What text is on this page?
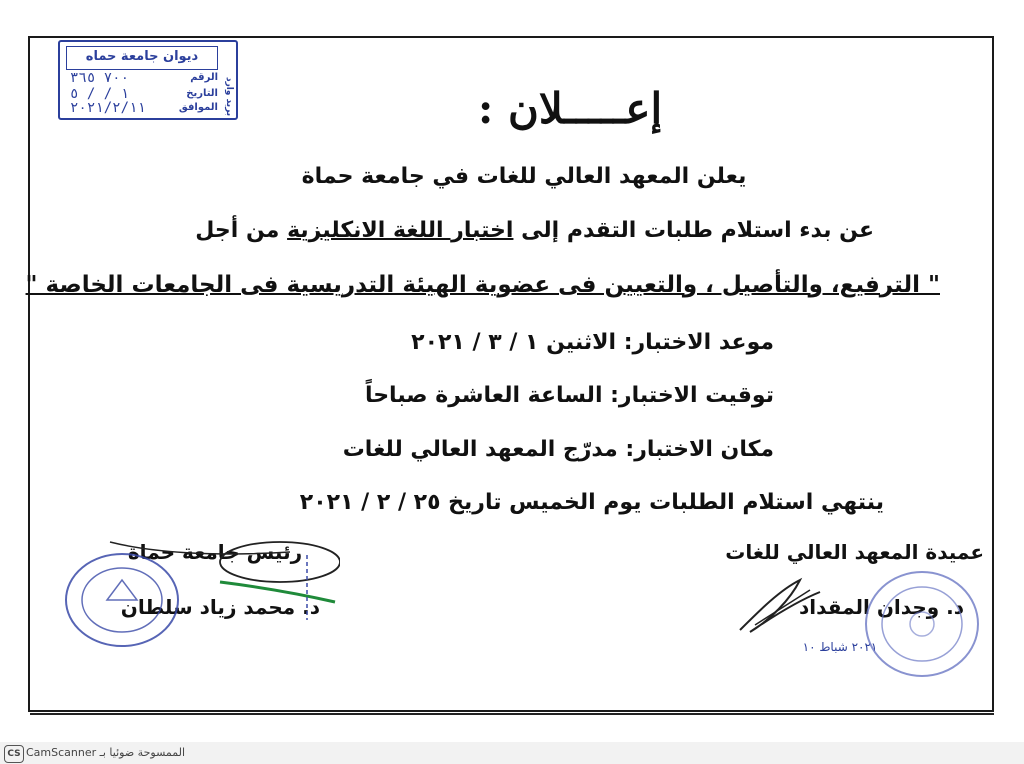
ديوان جامعة حماه
بريد وارد
الرقم
٧٠٠ ٣٦٥
التاريخ
١ / / ٥
الموافق
٢٠٢١/٢/١١	إعـــــلان :
يعلن المعهد العالي للغات في جامعة حماة
عن بدء استلام طلبات التقدم إلى اختبار اللغة الانكليزية من أجل
" الترفيع، والتأصيل ، والتعيين فى عضوية الهيئة التدريسية فى الجامعات الخاصة "
موعد الاختبار: الاثنين ١ / ٣ / ٢٠٢١
توقيت الاختبار: الساعة العاشرة صباحاً
مكان الاختبار: مدرّج المعهد العالي للغات
ينتهي استلام الطلبات يوم الخميس تاريخ ٢٥ / ٢ / ٢٠٢١
عميدة المعهد العالي للغات
د. وجدان المقداد
٢٠٢١ شباط ١٠
رئيس جامعة حماة
د. محمد زياد سلطان
CS الممسوحة ضوئيا بـ CamScanner
